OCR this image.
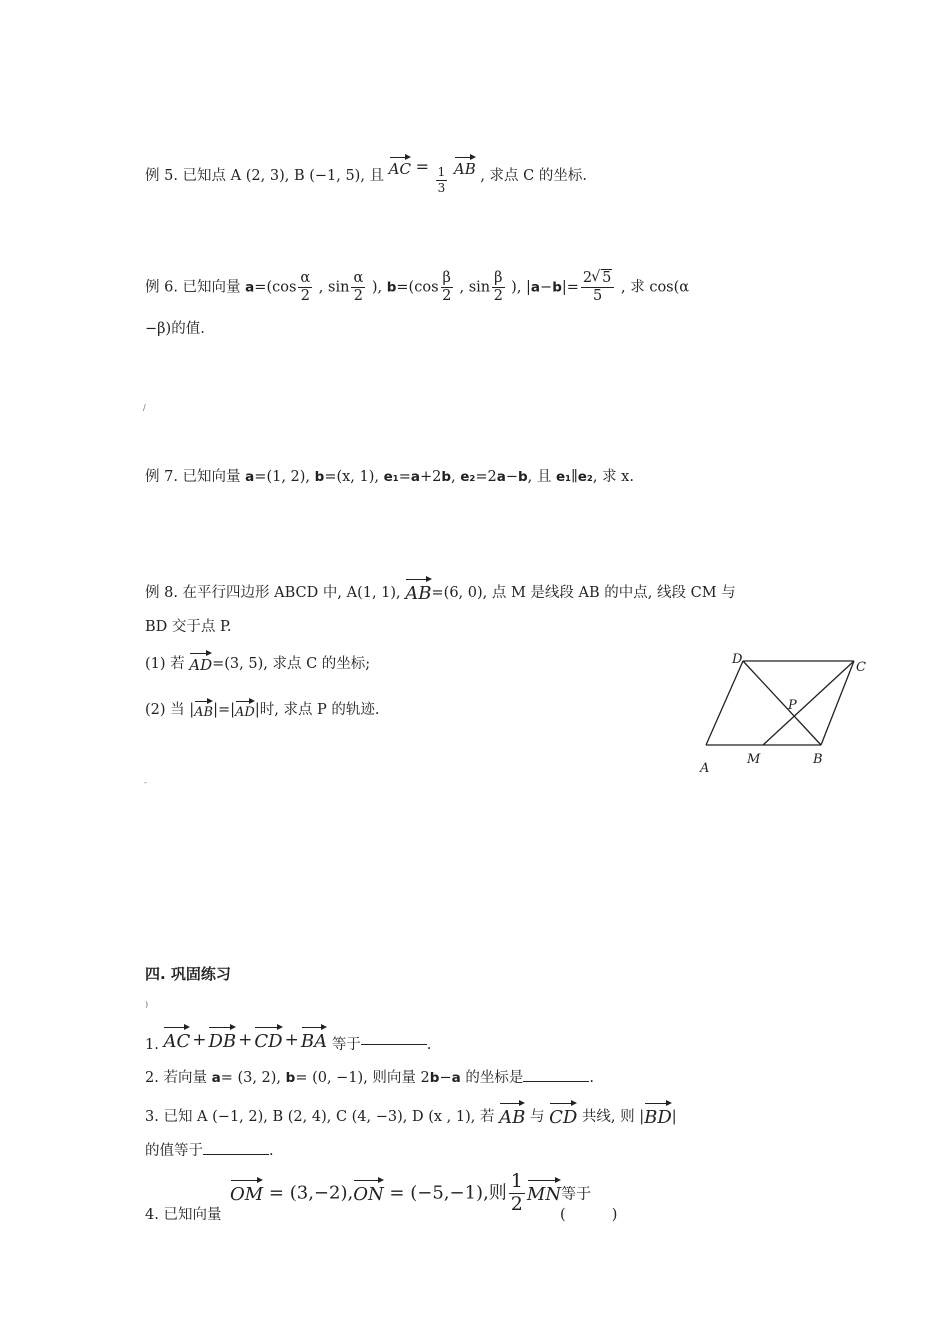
例 5. 已知点 A (2, 3), B (−1, 5), 且 AC = $\frac{1}{3}$ AB , 求点 C 的坐标.
例 6. 已知向量 $a=(\cos \frac{\alpha}{2}$ , $\sin \frac{\alpha}{2}$ ), $b=(\cos \frac{\beta}{2}$ , $\sin \frac{\beta}{2}$ ), $|a-b|= \frac{2√ 5}{5}$ , 求 cos(α
−β)的值.
/
例 7. 已知向量 a=(1, 2), b=(x, 1), e₁=a+2b, e₂=2a−b, 且 e₁∥e₂, 求 x.
例 8. 在平行四边形 ABCD 中, A(1, 1), AB=(6, 0), 点 M 是线段 AB 的中点, 线段 CM 与
BD 交于点 P.
(1) 若 AD=(3, 5), 求点 C 的坐标;
(2) 当 |AB|=|AD|时, 求点 P 的轨迹.
A
B
C
D
M
P
-
四. 巩固练习
)
1. AC + DB + CD + BA 等于	.
2. 若向量 a= (3, 2), b= (0, −1), 则向量 2b−a 的坐标是	.
3. 已知 A (−1, 2), B (2, 4), C (4, −3), D (x , 1), 若 AB 与 CD 共线, 则 |BD|
的值等于	.
4. 已知向量
OM = (3,−2),ON = (−5,−1),则 $\frac{1}{2}$ MN等于
(          )
